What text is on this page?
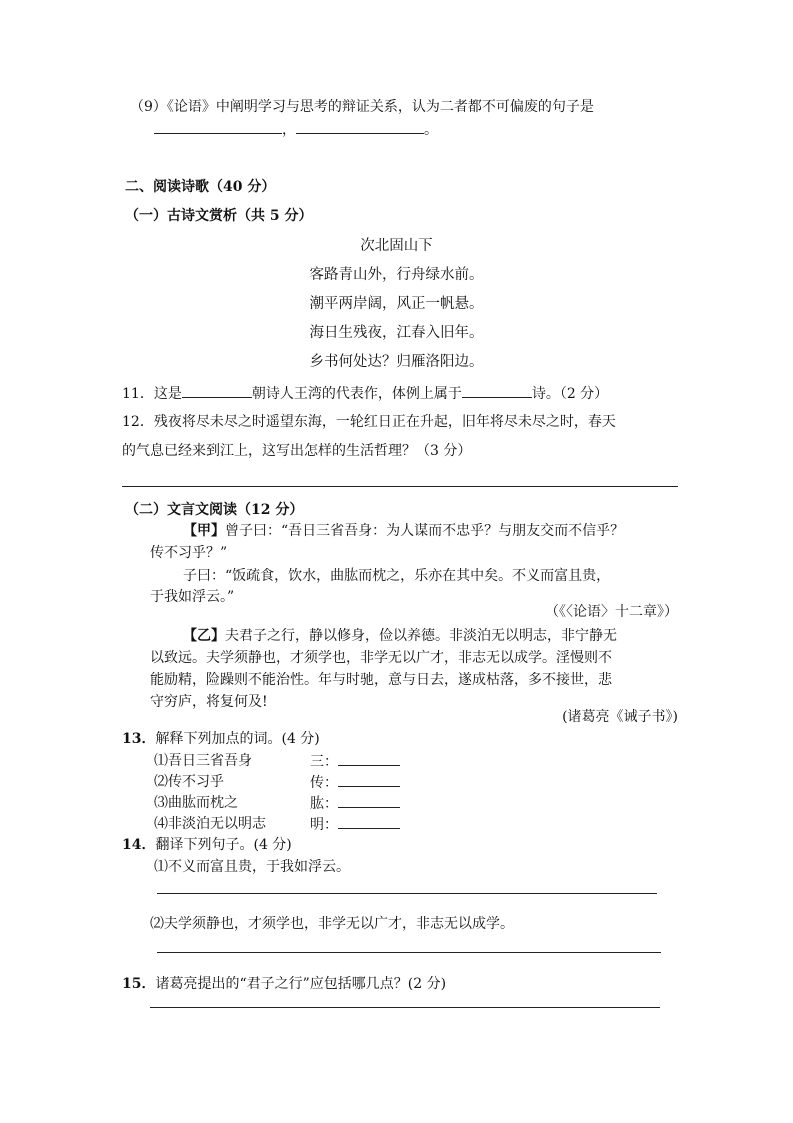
（9）《论语》中阐明学习与思考的辩证关系，认为二者都不可偏废的句子是
，	。
二、阅读诗歌（40 分）
（一）古诗文赏析（共 5 分）
次北固山下
客路青山外，行舟绿水前。
潮平两岸阔，风正一帆悬。
海日生残夜，江春入旧年。
乡书何处达？归雁洛阳边。
11．这是	朝诗人王湾的代表作，体例上属于	诗。（2 分）
12．残夜将尽未尽之时遥望东海，一轮红日正在升起，旧年将尽未尽之时，春天
的气息已经来到江上，这写出怎样的生活哲理？（3 分）
（二）文言文阅读（12 分）
【甲】曾子曰：“吾日三省吾身：为人谋而不忠乎？与朋友交而不信乎？
传不习乎？”
子曰：“饭疏食，饮水，曲肱而枕之，乐亦在其中矣。不义而富且贵，
于我如浮云。”
（《〈论语〉十二章》）
【乙】夫君子之行，静以修身，俭以养德。非淡泊无以明志，非宁静无
以致远。夫学须静也，才须学也，非学无以广才，非志无以成学。淫慢则不
能励精，险躁则不能治性。年与时驰，意与日去，遂成枯落，多不接世，悲
守穷庐，将复何及!
(诸葛亮《诫子书》)
13．解释下列加点的词。(4 分)
⑴吾日三省吾身	三：
⑵传不习乎	传：
⑶曲肱而枕之	肱：
⑷非淡泊无以明志	明：
14．翻译下列句子。(4 分)
⑴不义而富且贵，于我如浮云。
⑵夫学须静也，才须学也，非学无以广才，非志无以成学。
15．诸葛亮提出的“君子之行”应包括哪几点？(2 分)
